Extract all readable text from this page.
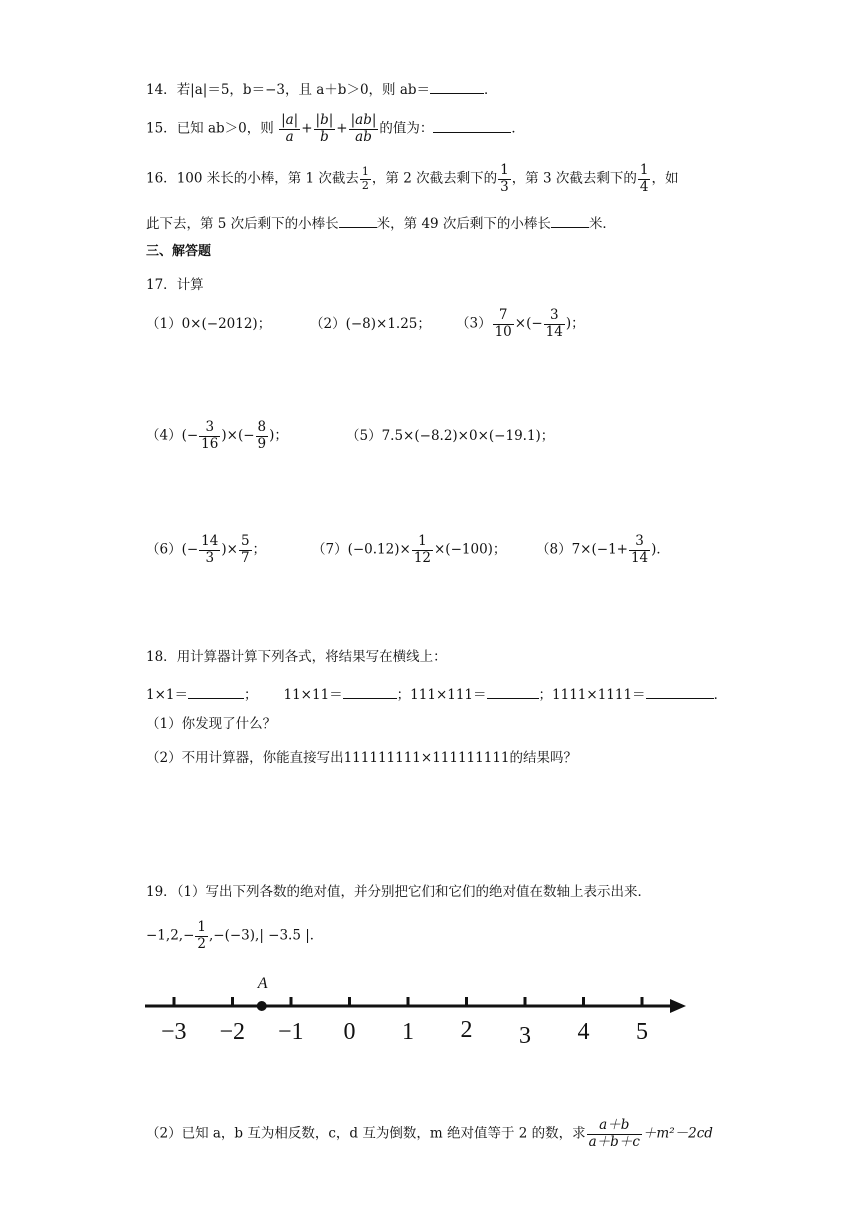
14．若|a|＝5，b＝−3，且 a＋b＞0，则 ab＝	．
15．已知 ab＞0，则 $\frac{|a|}{a} + \frac{|b|}{b} + \frac{|ab|}{ab}$ 的值为：	．
16．100 米长的小棒，第 1 次截去 $\frac{1}{2}$ ，第 2 次截去剩下的 $\frac{1}{3}$ ，第 3 次截去剩下的 $\frac{1}{4}$ ，如
此下去，第 5 次后剩下的小棒长	米，第 49 次后剩下的小棒长	米．
三、解答题
17．计算
（1）0×(−2012)；	（2）(−8)×1.25； $(3) \frac{7}{10}$ ×(− $\frac{3}{14}$ )；
$(4)(- \frac{3}{16}$ )×(− $\frac{8}{9}$ )；	（5）7.5×(−8.2)×0×(−19.1)；
$(6)(- \frac{14}{3}$ )× $\frac{5}{7}$ ；	$(7)(-0.12)\times \frac{1}{12} \times(-100)$； $(8)7\times(-1+ \frac{3}{14}$ )．
18．用计算器计算下列各式，将结果写在横线上：
1×1＝	； 11×11＝	；111×111＝	；1111×1111＝	．
（1）你发现了什么？
（2）不用计算器，你能直接写出111111111×111111111的结果吗？
19．（1）写出下列各数的绝对值，并分别把它们和它们的绝对值在数轴上表示出来．
$-1,2,- \frac{1}{2} ,-(-3),| -3.5$ |．
A
−3 −2 −1 0 1 2 3 4 5
（2）已知 a，b 互为相反数，c，d 互为倒数，m 绝对值等于 2 的数，求 $\frac{a+b}{a+b+c} +m^2-2cd$
